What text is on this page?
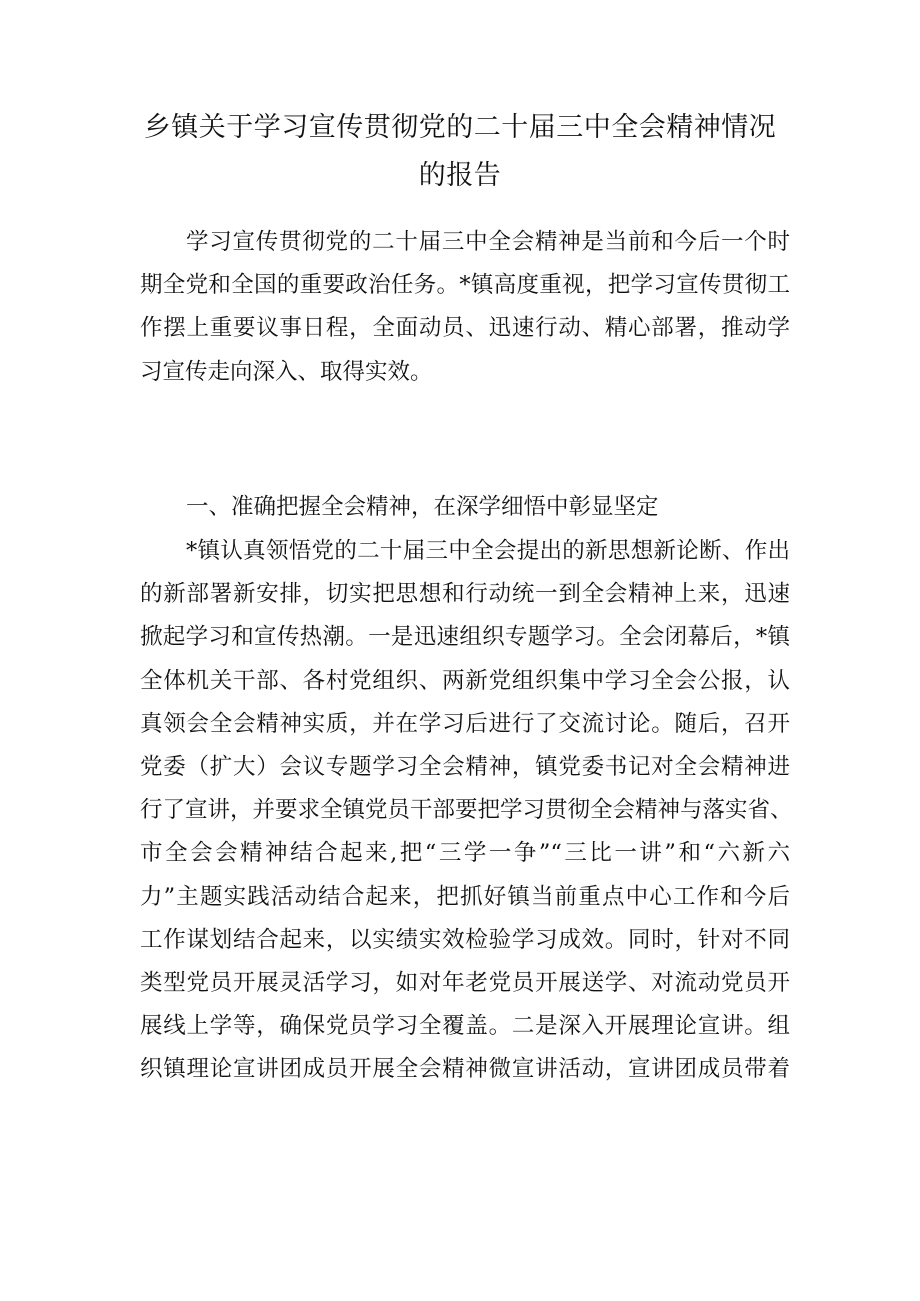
乡镇关于学习宣传贯彻党的二十届三中全会精神情况
的报告
学习宣传贯彻党的二十届三中全会精神是当前和今后一个时
期全党和全国的重要政治任务。*镇高度重视，把学习宣传贯彻工
作摆上重要议事日程，全面动员、迅速行动、精心部署，推动学
习宣传走向深入、取得实效。
一、准确把握全会精神，在深学细悟中彰显坚定
*镇认真领悟党的二十届三中全会提出的新思想新论断、作出
的新部署新安排，切实把思想和行动统一到全会精神上来，迅速
掀起学习和宣传热潮。一是迅速组织专题学习。全会闭幕后，*镇
全体机关干部、各村党组织、两新党组织集中学习全会公报，认
真领会全会精神实质，并在学习后进行了交流讨论。随后，召开
党委（扩大）会议专题学习全会精神，镇党委书记对全会精神进
行了宣讲，并要求全镇党员干部要把学习贯彻全会精神与落实省、
市全会会精神结合起来,把“三学一争”“三比一讲”和“六新六
力”主题实践活动结合起来，把抓好镇当前重点中心工作和今后
工作谋划结合起来，以实绩实效检验学习成效。同时，针对不同
类型党员开展灵活学习，如对年老党员开展送学、对流动党员开
展线上学等，确保党员学习全覆盖。二是深入开展理论宣讲。组
织镇理论宣讲团成员开展全会精神微宣讲活动，宣讲团成员带着
